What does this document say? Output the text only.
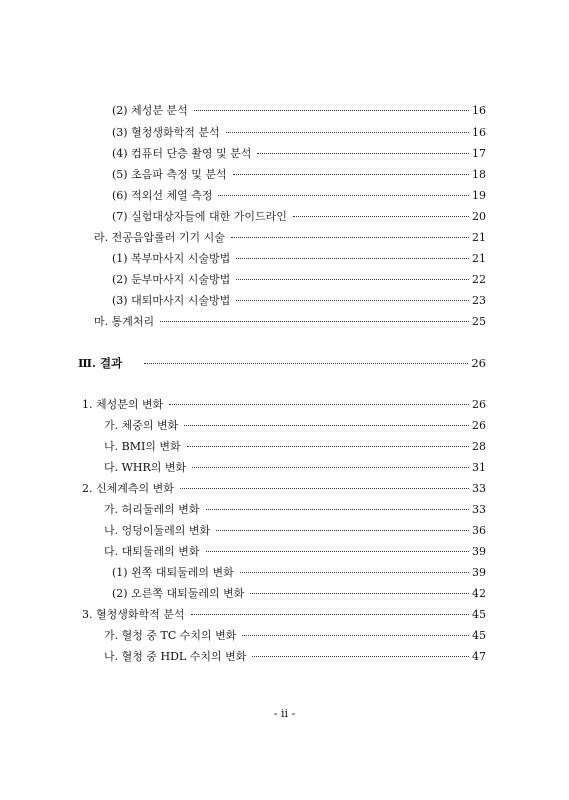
(2) 체성분 분석	16
(3) 혈청생화학적 분석	16
(4) 컴퓨터 단층 촬영 및 분석	17
(5) 초음파 측정 및 분석	18
(6) 적외선 체열 측정	19
(7) 실험대상자들에 대한 가이드라인	20
라. 전공음압롤러 기기 시술	21
(1) 복부마사지 시술방법	21
(2) 둔부마사지 시술방법	22
(3) 대퇴마사지 시술방법	23
마. 통계처리	25
Ⅲ. 결과	26
1. 체성분의 변화	26
가. 체중의 변화	26
나. BMI의 변화	28
다. WHR의 변화	31
2. 신체계측의 변화	33
가. 허리둘레의 변화	33
나. 엉덩이둘레의 변화	36
다. 대퇴둘레의 변화	39
(1) 왼쪽 대퇴둘레의 변화	39
(2) 오른쪽 대퇴둘레의 변화	42
3. 혈청생화학적 분석	45
가. 혈청 중 TC 수치의 변화	45
나. 혈청 중 HDL 수치의 변화	47
- ii -
